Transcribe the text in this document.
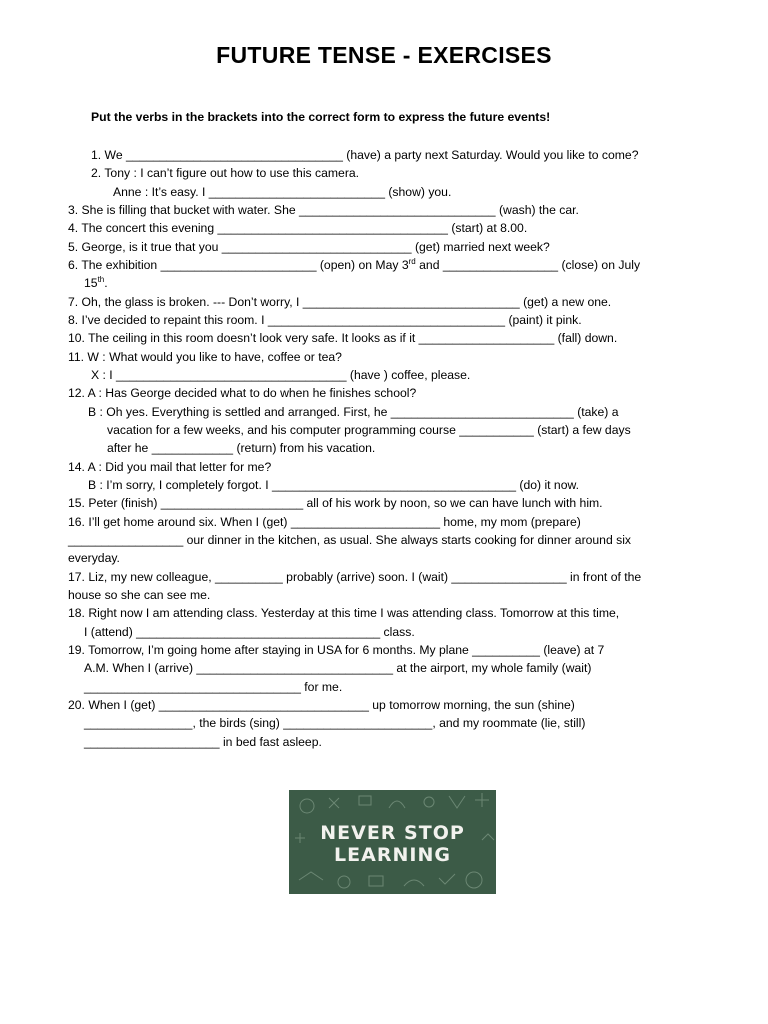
FUTURE TENSE - EXERCISES
Put the verbs in the brackets into the correct form to express the future events!
1. We ________________________________ (have) a party next Saturday. Would you like to come?
2. Tony : I can’t figure out how to use this camera.
Anne : It’s easy. I __________________________ (show) you.
3. She is filling that bucket with water. She _____________________________ (wash) the car.
4. The concert this evening __________________________________ (start) at 8.00.
5. George, is it true that you ____________________________ (get) married next week?
6. The exhibition _______________________ (open) on May 3rd and _________________ (close) on July
15th.
7. Oh, the glass is broken. --- Don’t worry, I ________________________________ (get) a new one.
8. I’ve decided to repaint this room. I ___________________________________ (paint) it pink.
10. The ceiling in this room doesn’t look very safe. It looks as if it ____________________ (fall) down.
11. W : What would you like to have, coffee or tea?
X : I __________________________________ (have ) coffee, please.
12. A : Has George decided what to do when he finishes school?
B : Oh yes. Everything is settled and arranged. First, he ___________________________ (take) a
vacation for a few weeks, and his computer programming course ___________ (start) a few days
after he ____________ (return) from his vacation.
14. A : Did you mail that letter for me?
B : I’m sorry, I completely forgot. I ____________________________________ (do) it now.
15. Peter (finish) _____________________ all of his work by noon, so we can have lunch with him.
16. I’ll get home around six. When I (get) ______________________ home, my mom (prepare)
_________________ our dinner in the kitchen, as usual. She always starts cooking for dinner around six
everyday.
17. Liz, my new colleague, __________ probably (arrive) soon. I (wait) _________________ in front of the
house so she can see me.
18. Right now I am attending class. Yesterday at this time I was attending class. Tomorrow at this time,
I (attend) ____________________________________ class.
19. Tomorrow, I’m going home after staying in USA for 6 months. My plane __________ (leave) at 7
A.M. When I (arrive) _____________________________ at the airport, my whole family (wait)
________________________________ for me.
20. When I (get) _______________________________ up tomorrow morning, the sun (shine)
________________, the birds (sing) ______________________, and my roommate (lie, still)
____________________ in bed fast asleep.
NEVER STOP
LEARNING
